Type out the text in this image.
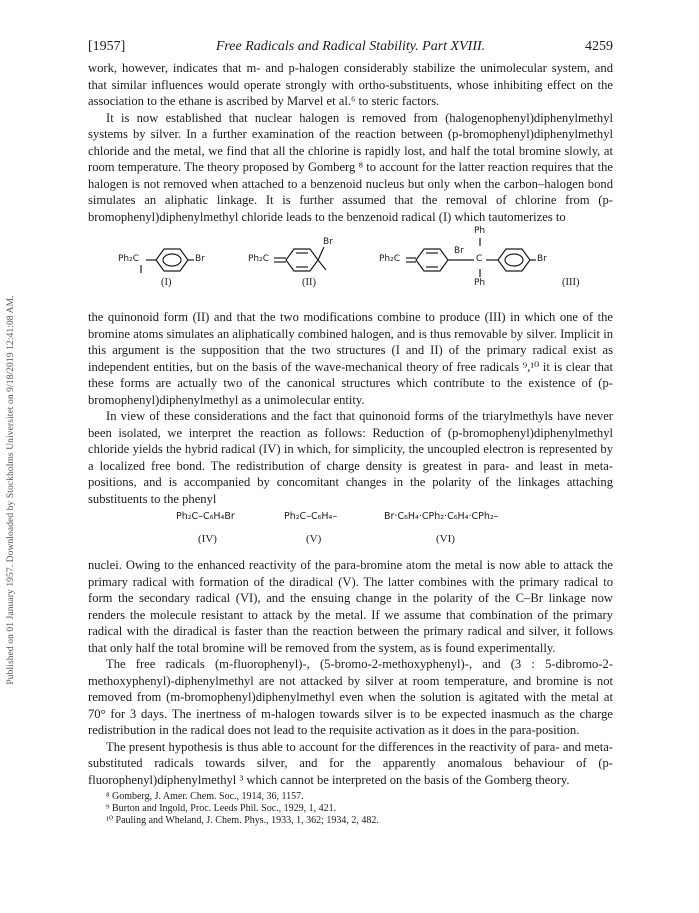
Published on 01 January 1957. Downloaded by Stockholms Universitet on 9/18/2019 12:41:08 AM.
[1957]	Free Radicals and Radical Stability. Part XVIII.	4259

work, however, indicates that m- and p-halogen considerably stabilize the unimolecular system, and that similar influences would operate strongly with ortho-substituents, whose inhibiting effect on the association to the ethane is ascribed by Marvel et al.⁶ to steric factors.

It is now established that nuclear halogen is removed from (halogenophenyl)diphenylmethyl systems by silver. In a further examination of the reaction between (p-bromophenyl)diphenylmethyl chloride and the metal, we find that all the chlorine is rapidly lost, and half the total bromine slowly, at room temperature. The theory proposed by Gomberg ⁸ to account for the latter reaction requires that the halogen is not removed when attached to a benzenoid nucleus but only when the carbon–halogen bond simulates an aliphatic linkage. It is further assumed that the removal of chlorine from (p-bromophenyl)diphenylmethyl chloride leads to the benzenoid radical (I) which tautomerizes to

Ph₂C	Br
(I)
Ph₂C
Br
(II)
Ph₂C
Br
Ph
C
Ph
Br
(III)

the quinonoid form (II) and that the two modifications combine to produce (III) in which one of the bromine atoms simulates an aliphatically combined halogen, and is thus removable by silver. Implicit in this argument is the supposition that the two structures (I and II) of the primary radical exist as independent entities, but on the basis of the wave-mechanical theory of free radicals ⁹,¹⁰ it is clear that these forms are actually two of the canonical structures which contribute to the existence of (p-bromophenyl)diphenylmethyl as a unimolecular entity.

In view of these considerations and the fact that quinonoid forms of the triarylmethyls have never been isolated, we interpret the reaction as follows: Reduction of (p-bromophenyl)diphenylmethyl chloride yields the hybrid radical (IV) in which, for simplicity, the uncoupled electron is represented by a localized free bond. The redistribution of charge density is greatest in para- and least in meta-positions, and is accompanied by concomitant changes in the polarity of the linkages attaching substituents to the phenyl

Ph₂C–C₆H₄Br
(IV)
Ph₂C–C₆H₄–
(V)
Br·C₆H₄·CPh₂·C₆H₄·CPh₂–
(VI)

nuclei. Owing to the enhanced reactivity of the para-bromine atom the metal is now able to attack the primary radical with formation of the diradical (V). The latter combines with the primary radical to form the secondary radical (VI), and the ensuing change in the polarity of the C–Br linkage now renders the molecule resistant to attack by the metal. If we assume that combination of the primary radical with the diradical is faster than the reaction between the primary radical and silver, it follows that only half the total bromine will be removed from the system, as is found experimentally.

The free radicals (m-fluorophenyl)-, (5-bromo-2-methoxyphenyl)-, and (3 : 5-dibromo-2-methoxyphenyl)-diphenylmethyl are not attacked by silver at room temperature, and bromine is not removed from (m-bromophenyl)diphenylmethyl even when the solution is agitated with the metal at 70° for 3 days. The inertness of m-halogen towards silver is to be expected inasmuch as the charge redistribution in the radical does not lead to the requisite activation as it does in the para-position.

The present hypothesis is thus able to account for the differences in the reactivity of para- and meta-substituted radicals towards silver, and for the apparently anomalous behaviour of (p-fluorophenyl)diphenylmethyl ³ which cannot be interpreted on the basis of the Gomberg theory.

⁸ Gomberg, J. Amer. Chem. Soc., 1914, 36, 1157.

⁹ Burton and Ingold, Proc. Leeds Phil. Soc., 1929, 1, 421.

¹⁰ Pauling and Wheland, J. Chem. Phys., 1933, 1, 362; 1934, 2, 482.
